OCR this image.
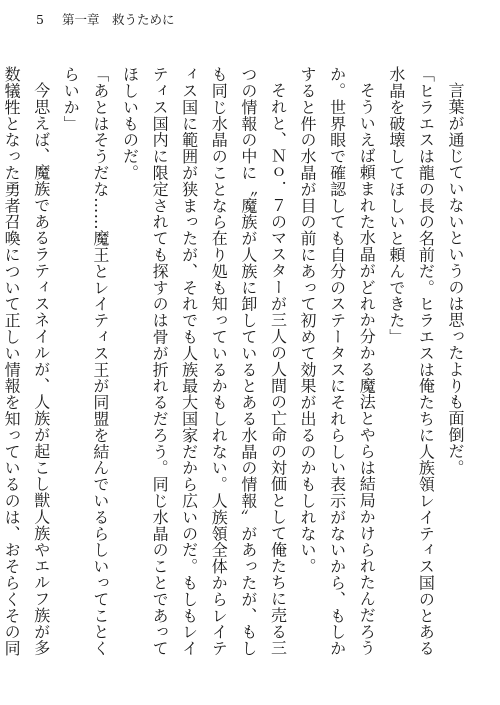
5 第一章　救うために

言葉が通じていないというのは思ったよりも面倒だ。

「ヒラエスは龍の長の名前だ。ヒラエスは俺たちに人族領レイティス国のとある水晶を破壊してほしいと頼んできた」

そういえば頼まれた水晶がどれか分かる魔法とやらは結局かけられたんだろうか。世界眼で確認しても自分のステータスにそれらしい表示がないから、もしかすると件の水晶が目の前にあって初めて効果が出るのかもしれない。

それと、Ｎｏ．７のマスターが三人の人間の亡命の対価として俺たちに売る三つの情報の中に〝魔族が人族に卸しているとある水晶の情報〟があったが、もしも同じ水晶のことなら在り処も知っているかもしれない。人族領全体からレイティス国に範囲が狭まったが、それでも人族最大国家だから広いのだ。もしもレイティス国内に限定されても探すのは骨が折れるだろう。同じ水晶のことであってほしいものだ。

「あとはそうだな……魔王とレイティス王が同盟を結んでいるらしいってことくらいか」

今思えば、魔族であるラティスネイルが、人族が起こし獣人族やエルフ族が多数犠牲となった勇者召喚について正しい情報を知っているのは、おそらくその同
